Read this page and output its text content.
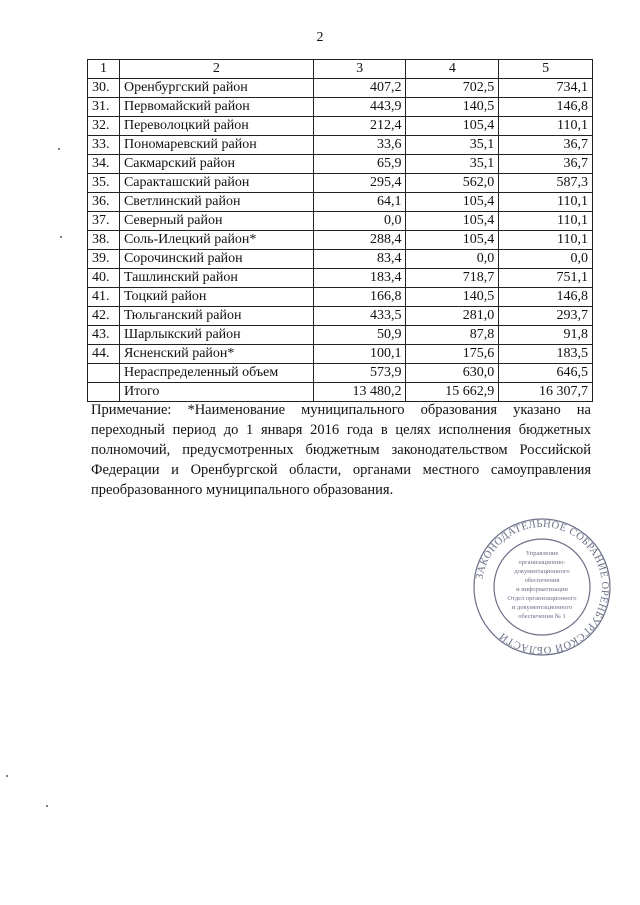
2
1	2	3	4	5
30.	Оренбургский район	407,2	702,5	734,1
31.	Первомайский район	443,9	140,5	146,8
32.	Переволоцкий район	212,4	105,4	110,1
33.	Пономаревский район	33,6	35,1	36,7
34.	Сакмарский район	65,9	35,1	36,7
35.	Саракташский район	295,4	562,0	587,3
36.	Светлинский район	64,1	105,4	110,1
37.	Северный район	0,0	105,4	110,1
38.	Соль-Илецкий район*	288,4	105,4	110,1
39.	Сорочинский район	83,4	0,0	0,0
40.	Ташлинский район	183,4	718,7	751,1
41.	Тоцкий район	166,8	140,5	146,8
42.	Тюльганский район	433,5	281,0	293,7
43.	Шарлыкский район	50,9	87,8	91,8
44.	Ясненский район*	100,1	175,6	183,5
	Нераспределенный объем	573,9	630,0	646,5
	Итого	13 480,2	15 662,9	16 307,7
Примечание: *Наименование муниципального образования указано на переходный период до 1 января 2016 года в целях исполнения бюджетных полномочий, предусмотренных бюджетным законодательством Российской Федерации и Оренбургской области, органами местного самоуправления преобразованного муниципального образования.
ЗАКОНОДАТЕЛЬНОЕ СОБРАНИЕ ОРЕНБУРГСКОЙ ОБЛАСТИ
Управление
организационно-
документационного
обеспечения
и информатизации
Отдел организационного
и документационного
обеспечения № 1
